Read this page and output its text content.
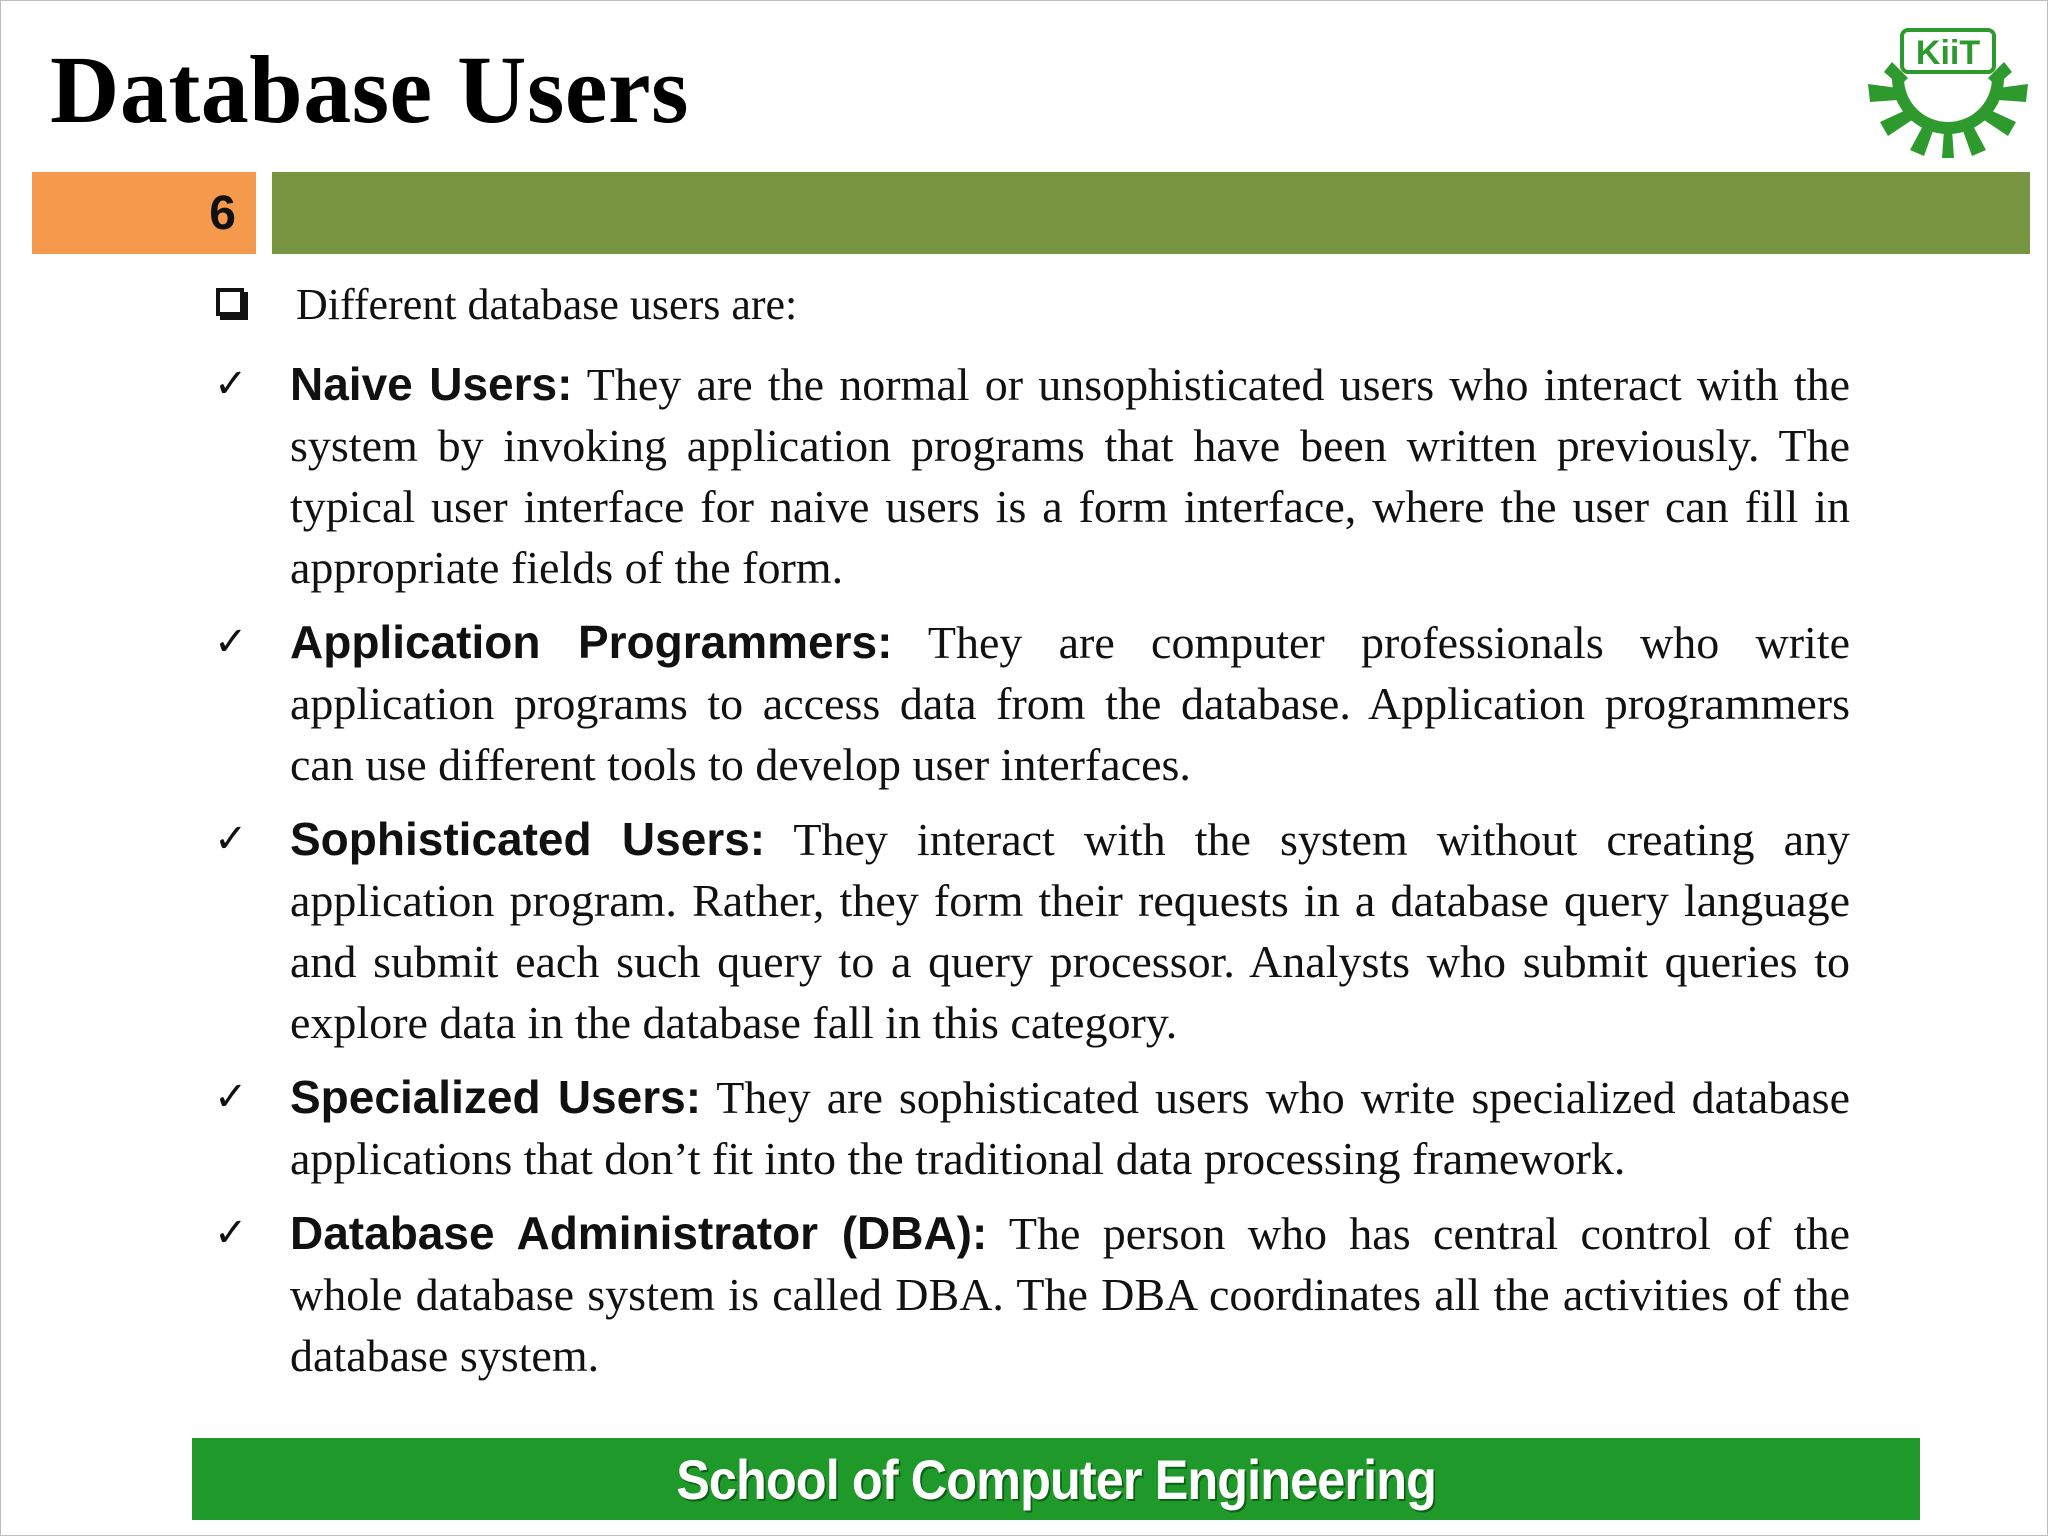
Database Users	KiiT
6
Different database users are:
✓ Naive Users: They are the normal or unsophisticated users who interact with the system by invoking application programs that have been written previously. The typical user interface for naive users is a form interface, where the user can fill in appropriate fields of the form.
✓ Application Programmers: They are computer professionals who write application programs to access data from the database. Application programmers can use different tools to develop user interfaces.
✓ Sophisticated Users: They interact with the system without creating any application program. Rather, they form their requests in a database query language and submit each such query to a query processor. Analysts who submit queries to explore data in the database fall in this category.
✓ Specialized Users: They are sophisticated users who write specialized database applications that don’t fit into the traditional data processing framework.
✓ Database Administrator (DBA): The person who has central control of the whole database system is called DBA. The DBA coordinates all the activities of the database system.
School of Computer Engineering
